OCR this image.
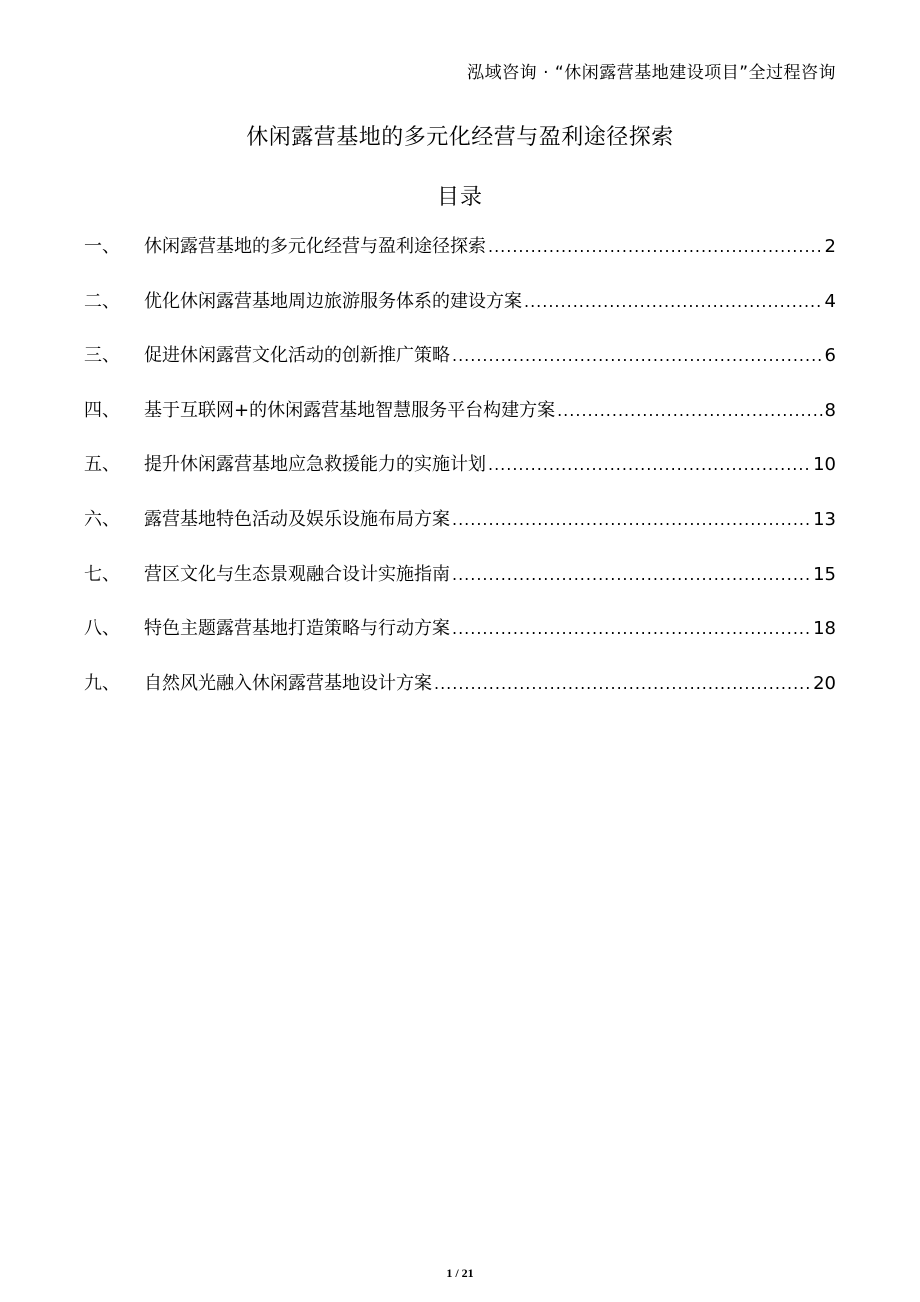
泓域咨询 · “休闲露营基地建设项目”全过程咨询
休闲露营基地的多元化经营与盈利途径探索
目录
一、	休闲露营基地的多元化经营与盈利途径探索 .....	2
二、	优化休闲露营基地周边旅游服务体系的建设方案 .....	4
三、	促进休闲露营文化活动的创新推广策略 .....	6
四、	基于互联网+的休闲露营基地智慧服务平台构建方案 .....	8
五、	提升休闲露营基地应急救援能力的实施计划 .....	10
六、	露营基地特色活动及娱乐设施布局方案 .....	13
七、	营区文化与生态景观融合设计实施指南 .....	15
八、	特色主题露营基地打造策略与行动方案 .....	18
九、	自然风光融入休闲露营基地设计方案 .....	20
1 / 21
